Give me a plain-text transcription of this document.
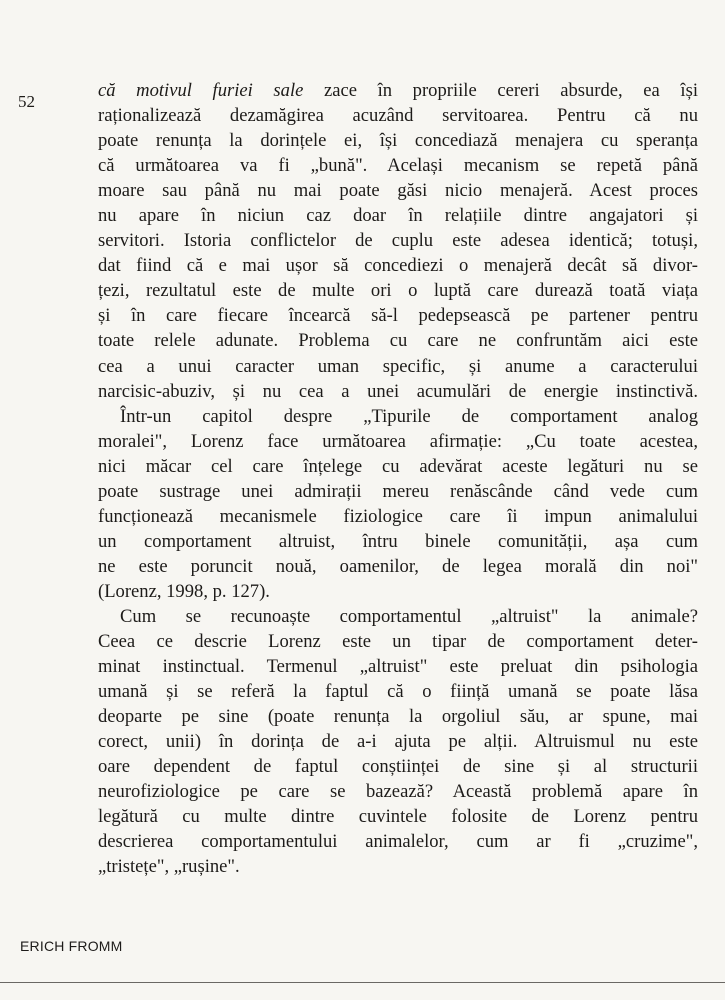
52
că motivul furiei sale zace în propriile cereri absurde, ea își
raționalizează dezamăgirea acuzând servitoarea. Pentru că nu
poate renunța la dorințele ei, își concediază menajera cu speranța
că următoarea va fi „bună". Același mecanism se repetă până
moare sau până nu mai poate găsi nicio menajeră. Acest proces
nu apare în niciun caz doar în relațiile dintre angajatori și
servitori. Istoria conflictelor de cuplu este adesea identică; totuși,
dat fiind că e mai ușor să concediezi o menajeră decât să divor-
țezi, rezultatul este de multe ori o luptă care durează toată viața
și în care fiecare încearcă să-l pedepsească pe partener pentru
toate relele adunate. Problema cu care ne confruntăm aici este
cea a unui caracter uman specific, și anume a caracterului
narcisic-abuziv, și nu cea a unei acumulări de energie instinctivă.
Într-un capitol despre „Tipurile de comportament analog
moralei", Lorenz face următoarea afirmație: „Cu toate acestea,
nici măcar cel care înțelege cu adevărat aceste legături nu se
poate sustrage unei admirații mereu renăscânde când vede cum
funcționează mecanismele fiziologice care îi impun animalului
un comportament altruist, întru binele comunității, așa cum
ne este poruncit nouă, oamenilor, de legea morală din noi"
(Lorenz, 1998, p. 127).
Cum se recunoaște comportamentul „altruist" la animale?
Ceea ce descrie Lorenz este un tipar de comportament deter-
minat instinctual. Termenul „altruist" este preluat din psihologia
umană și se referă la faptul că o ființă umană se poate lăsa
deoparte pe sine (poate renunța la orgoliul său, ar spune, mai
corect, unii) în dorința de a-i ajuta pe alții. Altruismul nu este
oare dependent de faptul conștiinței de sine și al structurii
neurofiziologice pe care se bazează? Această problemă apare în
legătură cu multe dintre cuvintele folosite de Lorenz pentru
descrierea comportamentului animalelor, cum ar fi „cruzime",
„tristețe", „rușine".
ERICH FROMM
